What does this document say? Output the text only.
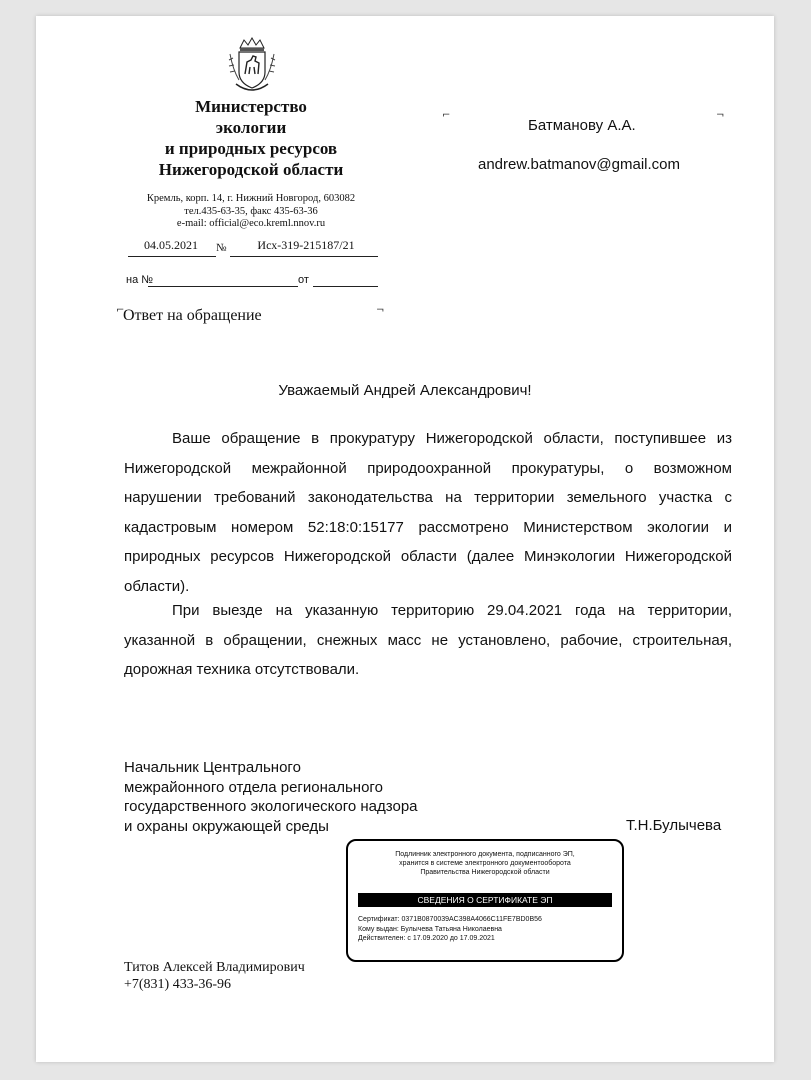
Министерство
экологии
и природных ресурсов
Нижегородской области
Кремль, корп. 14, г. Нижний Новгород, 603082
тел.435-63-35, факс 435-63-36
e-mail: official@eco.kreml.nnov.ru
04.05.2021	№	Исх-319-215187/21
на №	от
⌐	¬
⌐	¬
Батманову А.А.
andrew.batmanov@gmail.com
Ответ на обращение
Уважаемый Андрей Александрович!

Ваше обращение в прокуратуру Нижегородской области, поступившее из Нижегородской межрайонной природоохранной прокуратуры, о возможном нарушении требований законодательства на территории земельного участка с кадастровым номером 52:18:0:15177 рассмотрено Министерством экологии и природных ресурсов Нижегородской области (далее Минэкологии Нижегородской области).

При выезде на указанную территорию 29.04.2021 года на территории, указанной в обращении, снежных масс не установлено, рабочие, строительная, дорожная техника отсутствовали.

Начальник Центрального
межрайонного отдела регионального
государственного экологического надзора
и охраны окружающей среды	Т.Н.Булычева
Подлинник электронного документа, подписанного ЭП,
хранится в системе электронного документооборота
Правительства Нижегородской области
СВЕДЕНИЯ О СЕРТИФИКАТЕ ЭП
Сертификат: 0371B0870039AC398A4066C11FE7BD0B56
Кому выдан: Булычева Татьяна Николаевна
Действителен: с 17.09.2020 до 17.09.2021
Титов Алексей Владимирович
+7(831) 433-36-96
